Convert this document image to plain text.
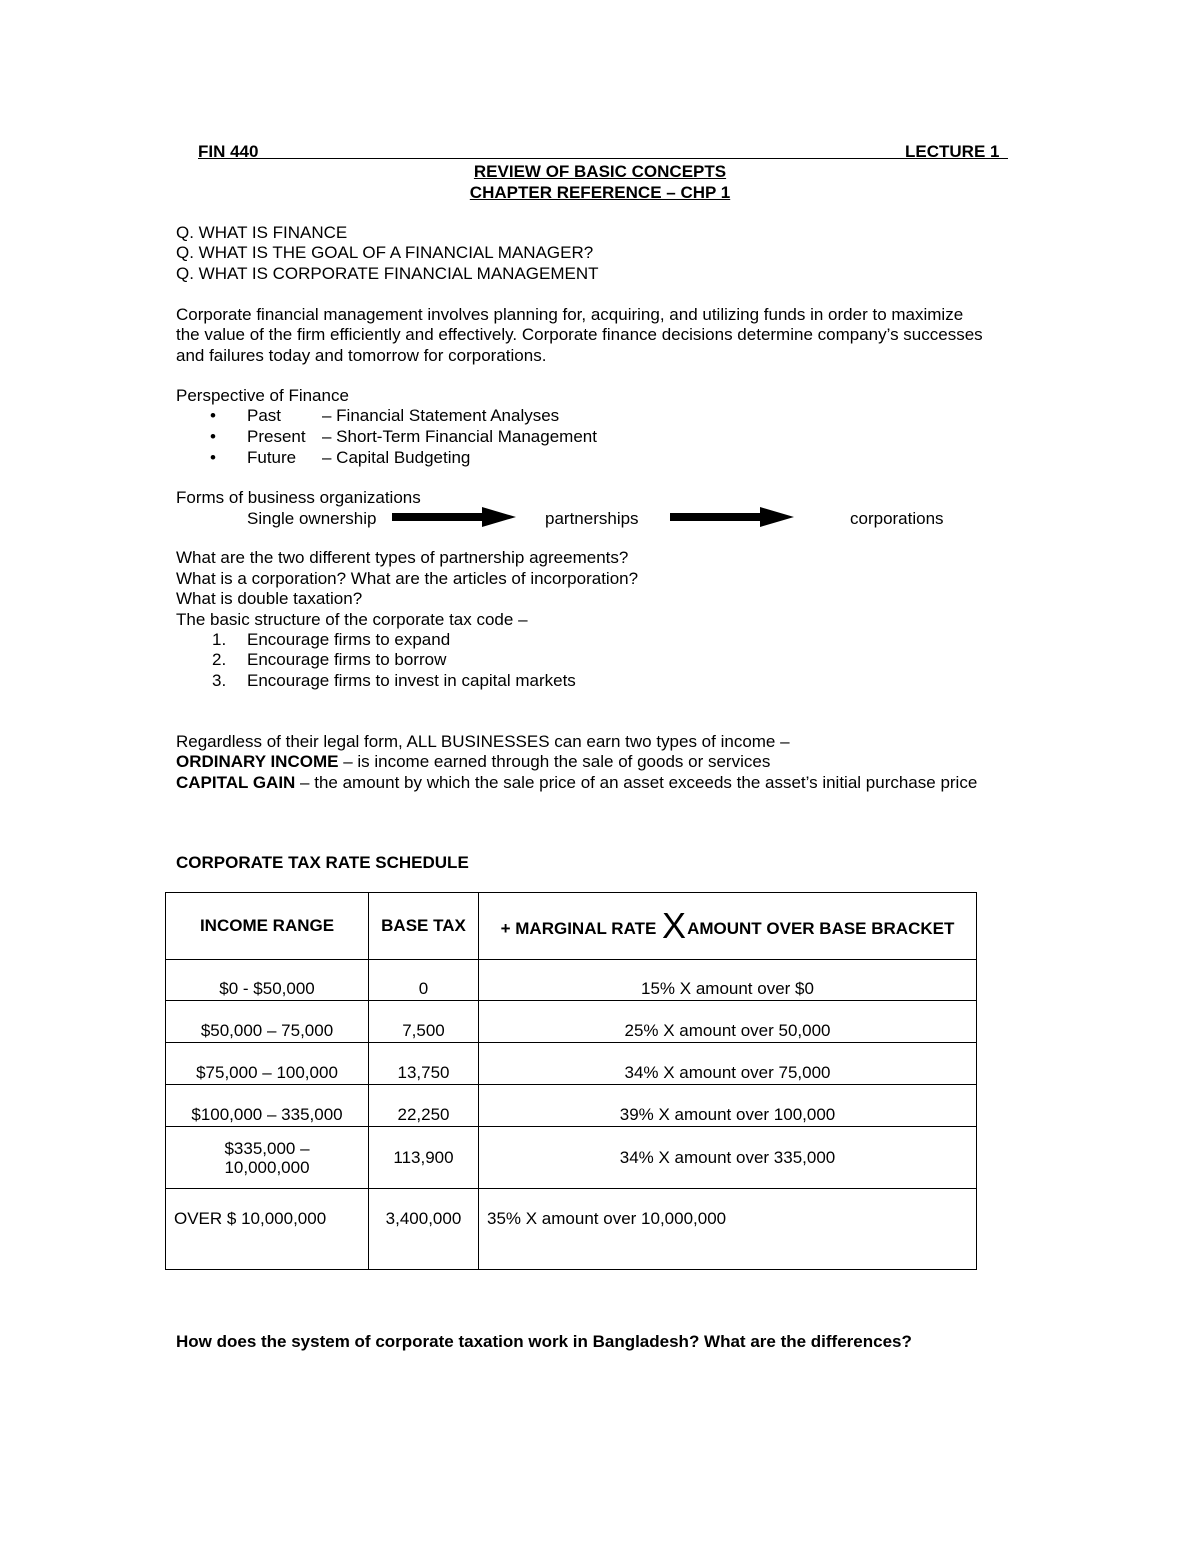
FIN 440	LECTURE 1
REVIEW OF BASIC CONCEPTS
CHAPTER REFERENCE – CHP 1
Q. WHAT IS FINANCE
Q. WHAT IS THE GOAL OF A FINANCIAL MANAGER?
Q. WHAT IS CORPORATE FINANCIAL MANAGEMENT
Corporate financial management involves planning for, acquiring, and utilizing funds in order to maximize
the value of the firm efficiently and effectively. Corporate finance decisions determine company’s successes
and failures today and tomorrow for corporations.
Perspective of Finance
• Past – Financial Statement Analyses
• Present – Short-Term Financial Management
• Future – Capital Budgeting
Forms of business organizations
Single ownership	partnerships	corporations
What are the two different types of partnership agreements?
What is a corporation? What are the articles of incorporation?
What is double taxation?
The basic structure of the corporate tax code –
1. Encourage firms to expand
2. Encourage firms to borrow
3. Encourage firms to invest in capital markets
Regardless of their legal form, ALL BUSINESSES can earn two types of income –
ORDINARY INCOME – is income earned through the sale of goods or services
CAPITAL GAIN – the amount by which the sale price of an asset exceeds the asset’s initial purchase price
CORPORATE TAX RATE SCHEDULE
INCOME RANGE	BASE TAX	+ MARGINAL RATE XAMOUNT OVER BASE BRACKET
$0 - $50,000	0	15% X amount over $0
$50,000 – 75,000	7,500	25% X amount over 50,000
$75,000 – 100,000	13,750	34% X amount over 75,000
$100,000 – 335,000	22,250	39% X amount over 100,000

$335,000 –
10,000,000	113,900	34% X amount over 335,000
OVER $ 10,000,000	3,400,000	35% X amount over 10,000,000
How does the system of corporate taxation work in Bangladesh? What are the differences?
